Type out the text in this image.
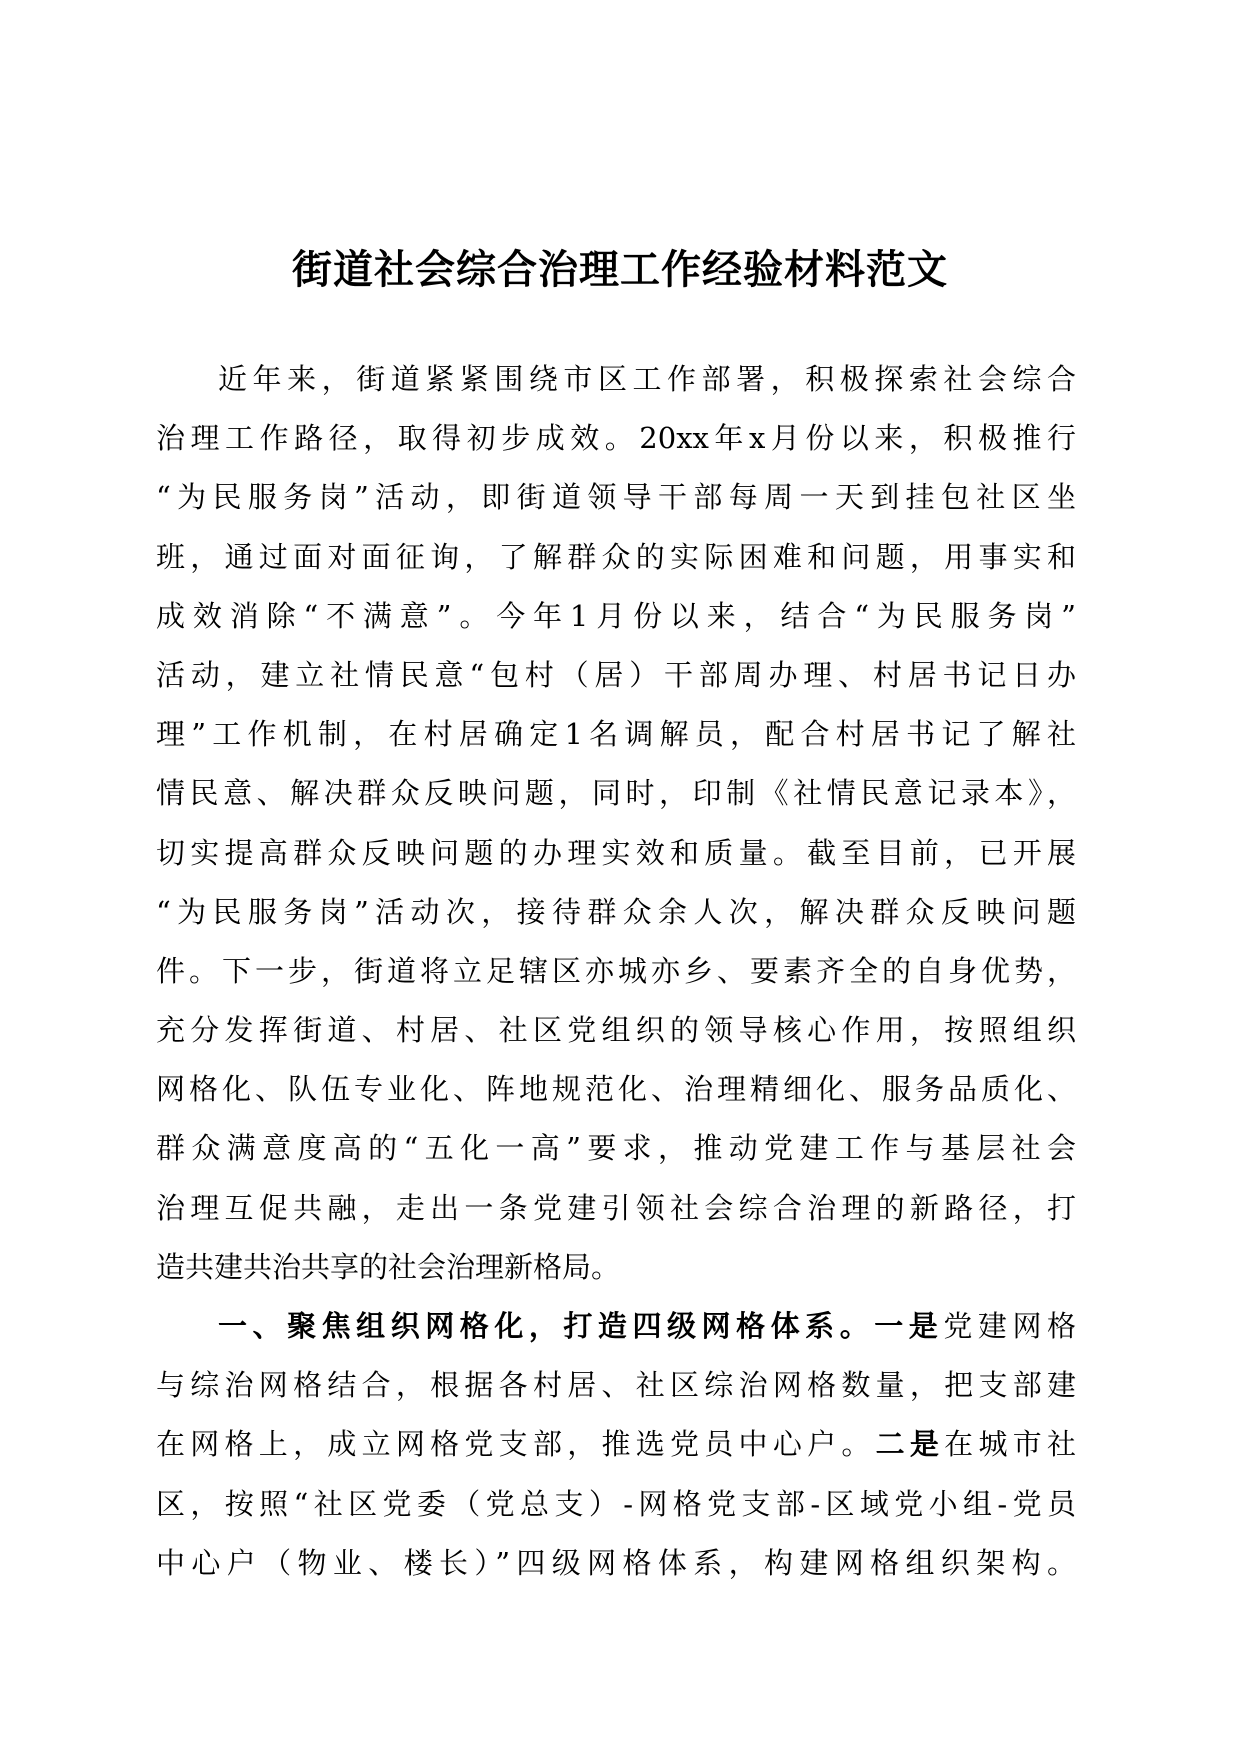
街道社会综合治理工作经验材料范文
近年来，街道紧紧围绕市区工作部署，积极探索社会综合
治理工作路径，取得初步成效。20xx年x月份以来，积极推行
“为民服务岗”活动，即街道领导干部每周一天到挂包社区坐
班，通过面对面征询，了解群众的实际困难和问题，用事实和
成效消除“不满意”。今年1月份以来，结合“为民服务岗”
活动，建立社情民意“包村（居）干部周办理、村居书记日办
理”工作机制，在村居确定1名调解员，配合村居书记了解社
情民意、解决群众反映问题，同时，印制《社情民意记录本》，
切实提高群众反映问题的办理实效和质量。截至目前，已开展
“为民服务岗”活动次，接待群众余人次，解决群众反映问题
件。下一步，街道将立足辖区亦城亦乡、要素齐全的自身优势，
充分发挥街道、村居、社区党组织的领导核心作用，按照组织
网格化、队伍专业化、阵地规范化、治理精细化、服务品质化、
群众满意度高的“五化一高”要求，推动党建工作与基层社会
治理互促共融，走出一条党建引领社会综合治理的新路径，打
造共建共治共享的社会治理新格局。
一、聚焦组织网格化，打造四级网格体系。一是党建网格
与综治网格结合，根据各村居、社区综治网格数量，把支部建
在网格上，成立网格党支部，推选党员中心户。二是在城市社
区，按照“社区党委（党总支）-网格党支部-区域党小组-党员
中心户（物业、楼长）”四级网格体系，构建网格组织架构。
